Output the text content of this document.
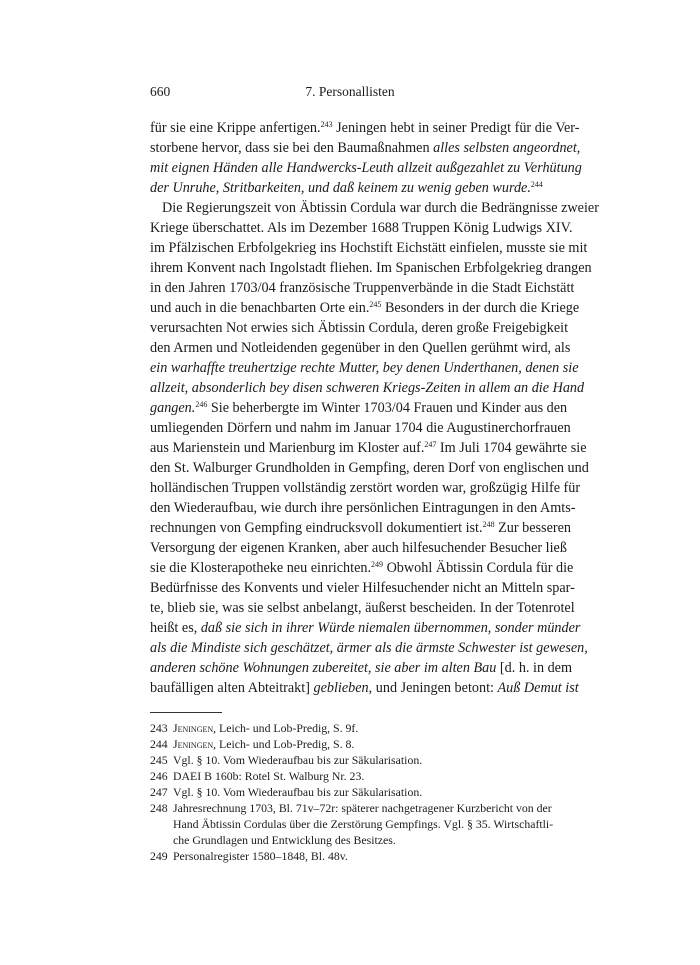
660	7. Personallisten
für sie eine Krippe anfertigen.$^{243}$ Jeningen hebt in seiner Predigt für die Ver-
storbene hervor, dass sie bei den Baumaßnahmen alles selbsten angeordnet,
mit eignen Händen alle Handwercks-Leuth allzeit außgezahlet zu Verhütung
der Unruhe, Stritbarkeiten, und daß keinem zu wenig geben wurde.$^{244}$
Die Regierungszeit von Äbtissin Cordula war durch die Bedrängnisse zweier
Kriege überschattet. Als im Dezember 1688 Truppen König Ludwigs XIV.
im Pfälzischen Erbfolgekrieg ins Hochstift Eichstätt einfielen, musste sie mit
ihrem Konvent nach Ingolstadt fliehen. Im Spanischen Erbfolgekrieg drangen
in den Jahren 1703/04 französische Truppenverbände in die Stadt Eichstätt
und auch in die benachbarten Orte ein.$^{245}$ Besonders in der durch die Kriege
verursachten Not erwies sich Äbtissin Cordula, deren große Freigebigkeit
den Armen und Notleidenden gegenüber in den Quellen gerühmt wird, als
ein warhaffte treuhertzige rechte Mutter, bey denen Underthanen, denen sie
allzeit, absonderlich bey disen schweren Kriegs-Zeiten in allem an die Hand
gangen.$^{246}$ Sie beherbergte im Winter 1703/04 Frauen und Kinder aus den
umliegenden Dörfern und nahm im Januar 1704 die Augustinerchorfrauen
aus Marienstein und Marienburg im Kloster auf.$^{247}$ Im Juli 1704 gewährte sie
den St. Walburger Grundholden in Gempfing, deren Dorf von englischen und
holländischen Truppen vollständig zerstört worden war, großzügig Hilfe für
den Wiederaufbau, wie durch ihre persönlichen Eintragungen in den Amts-
rechnungen von Gempfing eindrucksvoll dokumentiert ist.$^{248}$ Zur besseren
Versorgung der eigenen Kranken, aber auch hilfesuchender Besucher ließ
sie die Klosterapotheke neu einrichten.$^{249}$ Obwohl Äbtissin Cordula für die
Bedürfnisse des Konvents und vieler Hilfesuchender nicht an Mitteln spar-
te, blieb sie, was sie selbst anbelangt, äußerst bescheiden. In der Totenrotel
heißt es, daß sie sich in ihrer Würde niemalen übernommen, sonder münder
als die Mindiste sich geschätzet, ärmer als die ärmste Schwester ist gewesen,
anderen schöne Wohnungen zubereitet, sie aber im alten Bau [d. h. in dem
baufälligen alten Abteitrakt] geblieben, und Jeningen betont: Auß Demut ist
243 Jeningen, Leich- und Lob-Predig, S. 9f.
244 Jeningen, Leich- und Lob-Predig, S. 8.
245 Vgl. § 10. Vom Wiederaufbau bis zur Säkularisation.
246 DAEI B 160b: Rotel St. Walburg Nr. 23.
247 Vgl. § 10. Vom Wiederaufbau bis zur Säkularisation.
248 Jahresrechnung 1703, Bl. 71v–72r: späterer nachgetragener Kurzbericht von der
Hand Äbtissin Cordulas über die Zerstörung Gempfings. Vgl. § 35. Wirtschaftli-
che Grundlagen und Entwicklung des Besitzes.
249 Personalregister 1580–1848, Bl. 48v.
